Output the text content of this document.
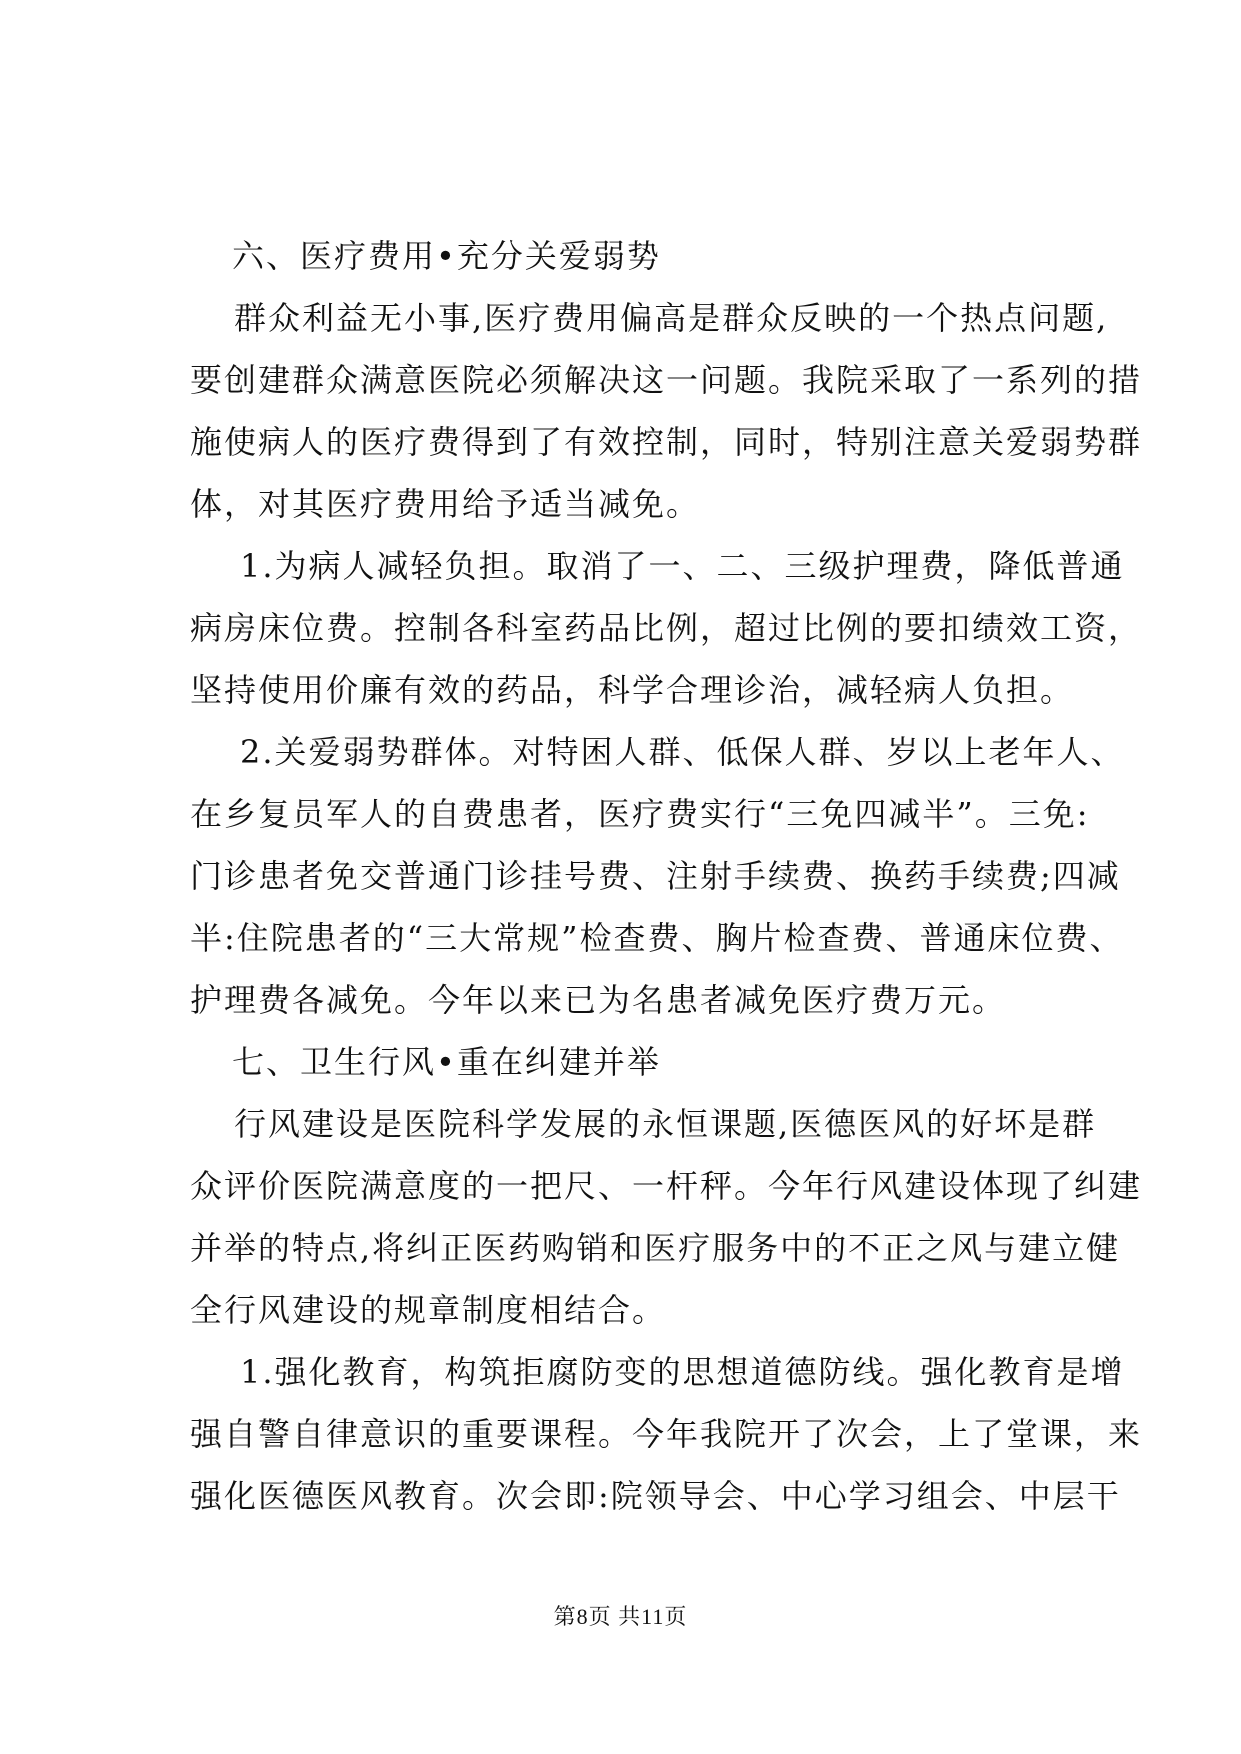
六、医疗费用•充分关爱弱势
群众利益无小事,医疗费用偏高是群众反映的一个热点问题,
要创建群众满意医院必须解决这一问题。我院采取了一系列的措
施使病人的医疗费得到了有效控制，同时，特别注意关爱弱势群
体，对其医疗费用给予适当减免。
1.为病人减轻负担。取消了一、二、三级护理费，降低普通
病房床位费。控制各科室药品比例，超过比例的要扣绩效工资，
坚持使用价廉有效的药品，科学合理诊治，减轻病人负担。
2.关爱弱势群体。对特困人群、低保人群、岁以上老年人、
在乡复员军人的自费患者，医疗费实行“三免四减半”。三免:
门诊患者免交普通门诊挂号费、注射手续费、换药手续费;四减
半:住院患者的“三大常规”检查费、胸片检查费、普通床位费、
护理费各减免。今年以来已为名患者减免医疗费万元。
七、卫生行风•重在纠建并举
行风建设是医院科学发展的永恒课题,医德医风的好坏是群
众评价医院满意度的一把尺、一杆秤。今年行风建设体现了纠建
并举的特点,将纠正医药购销和医疗服务中的不正之风与建立健
全行风建设的规章制度相结合。
1.强化教育，构筑拒腐防变的思想道德防线。强化教育是增
强自警自律意识的重要课程。今年我院开了次会，上了堂课，来
强化医德医风教育。次会即:院领导会、中心学习组会、中层干
第8页 共11页
